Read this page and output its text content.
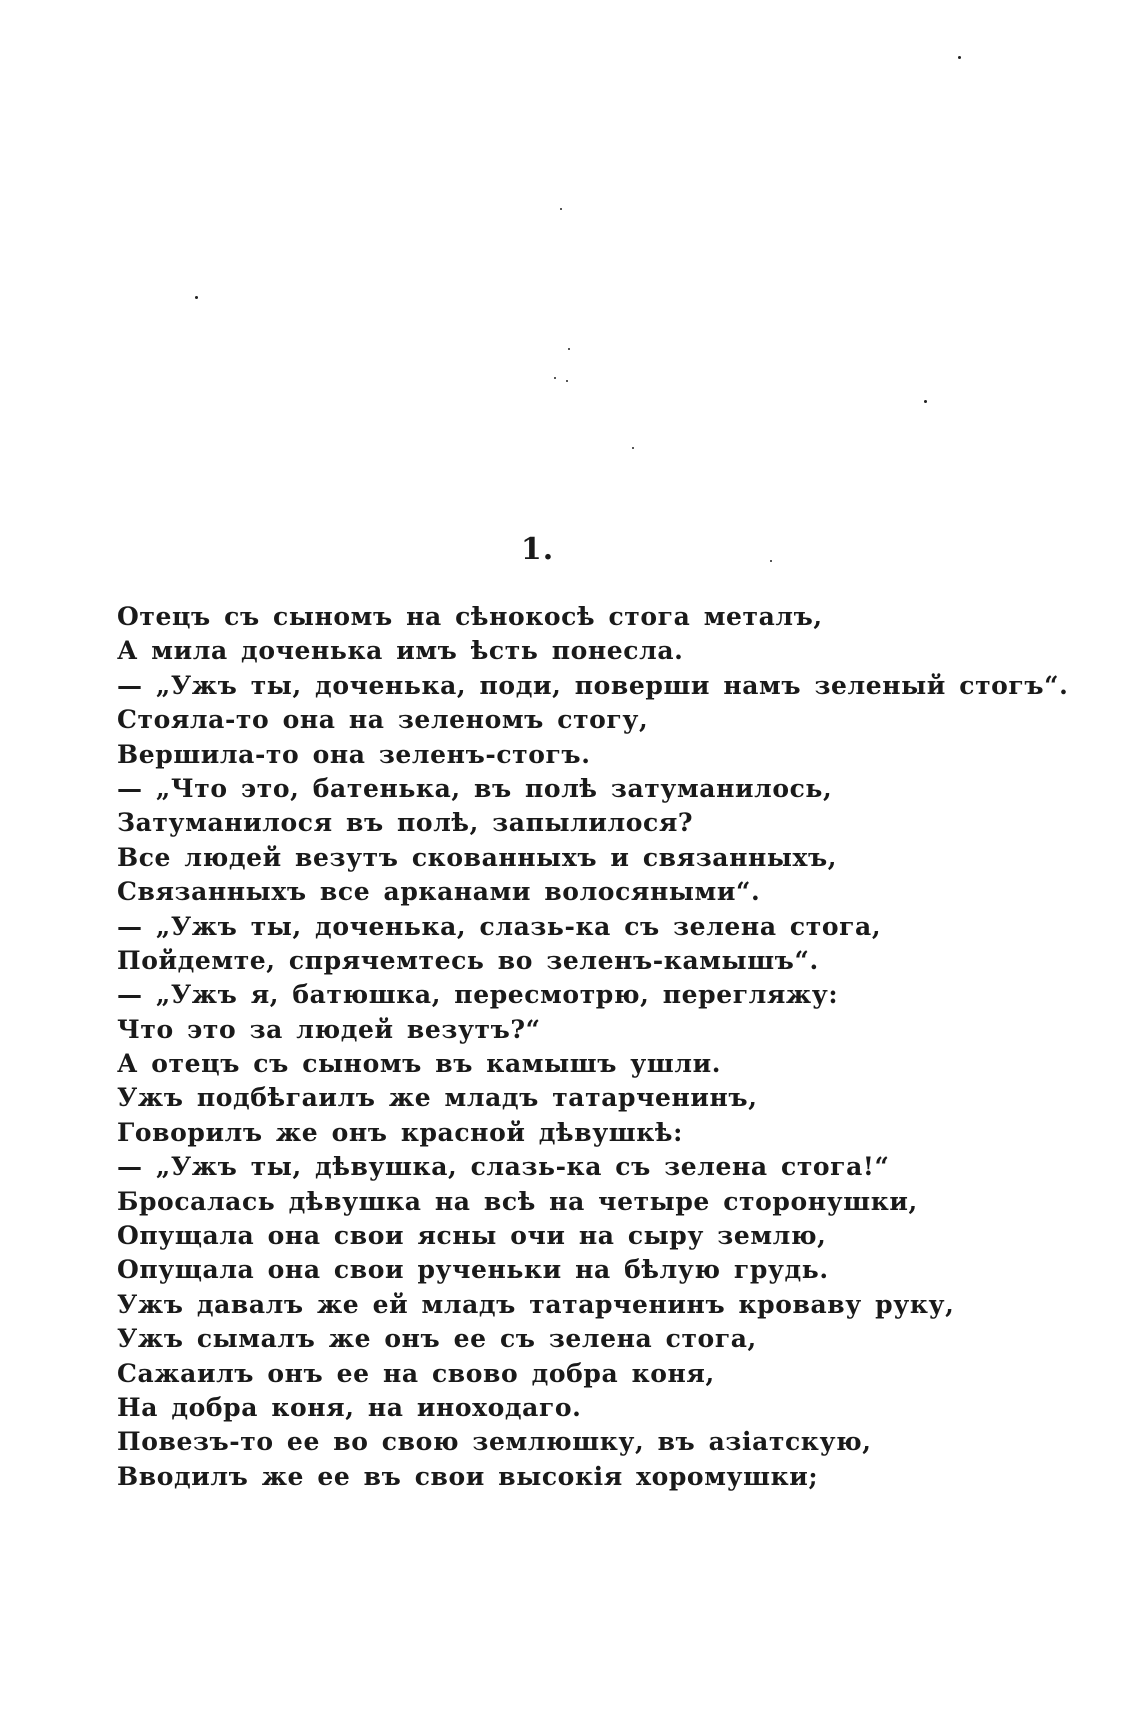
1.
Отецъ съ сыномъ на сѣнокосѣ стога металъ,
А мила доченька имъ ѣсть понесла.
— „Ужъ ты, доченька, поди, поверши намъ зеленый стогъ“.
Стояла-то она на зеленомъ стогу,
Вершила-то она зеленъ-стогъ.
— „Что это, батенька, въ полѣ затуманилось,
Затуманилося въ полѣ, запылилося?
Все людей везутъ скованныхъ и связанныхъ,
Связанныхъ все арканами волосяными“.
— „Ужъ ты, доченька, слазь-ка съ зелена стога,
Пойдемте, спрячемтесь во зеленъ-камышъ“.
— „Ужъ я, батюшка, пересмотрю, перегляжу:
Что это за людей везутъ?“
А отецъ съ сыномъ въ камышъ ушли.
Ужъ подбѣгаилъ же младъ татарченинъ,
Говорилъ же онъ красной дѣвушкѣ:
— „Ужъ ты, дѣвушка, слазь-ка съ зелена стога!“
Бросалась дѣвушка на всѣ на четыре сторонушки,
Опущала она свои ясны очи на сыру землю,
Опущала она свои рученьки на бѣлую грудь.
Ужъ давалъ же ей младъ татарченинъ кроваву руку,
Ужъ сымалъ же онъ ее съ зелена стога,
Сажаилъ онъ ее на свово добра коня,
На добра коня, на иноходаго.
Повезъ-то ее во свою землюшку, въ азіатскую,
Вводилъ же ее въ свои высокія хоромушки;
